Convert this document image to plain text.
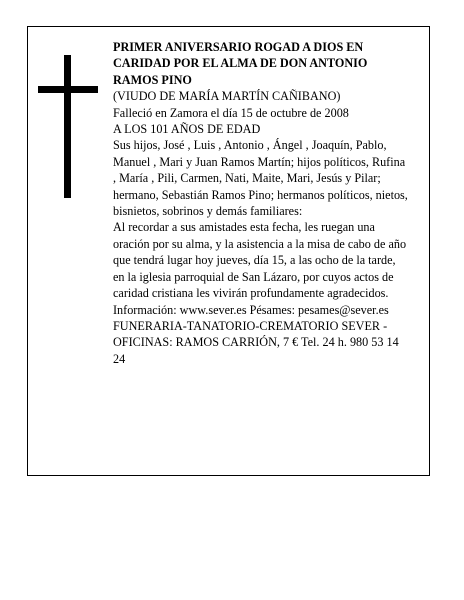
PRIMER ANIVERSARIO ROGAD A DIOS EN CARIDAD POR EL ALMA DE DON ANTONIO RAMOS PINO

(VIUDO DE MARÍA MARTÍN CAÑIBANO)

Falleció en Zamora el día 15 de octubre de 2008

A LOS 101 AÑOS DE EDAD

Sus hijos, José , Luis , Antonio , Ángel , Joaquín, Pablo, Manuel , Mari y Juan Ramos Martín; hijos políticos, Rufina , María , Pili, Carmen, Nati, Maite, Mari, Jesús y Pilar; hermano, Sebastián Ramos Pino; hermanos políticos, nietos, bisnietos, sobrinos y demás familiares:

Al recordar a sus amistades esta fecha, les ruegan una oración por su alma, y la asistencia a la misa de cabo de año que tendrá lugar hoy jueves, día 15, a las ocho de la tarde, en la iglesia parroquial de San Lázaro, por cuyos actos de caridad cristiana les vivirán profundamente agradecidos.

Información: www.sever.es Pésames: pesames@sever.es

FUNERARIA-TANATORIO-CREMATORIO SEVER - OFICINAS: RAMOS CARRIÓN, 7 € Tel. 24 h. 980 53 14 24
